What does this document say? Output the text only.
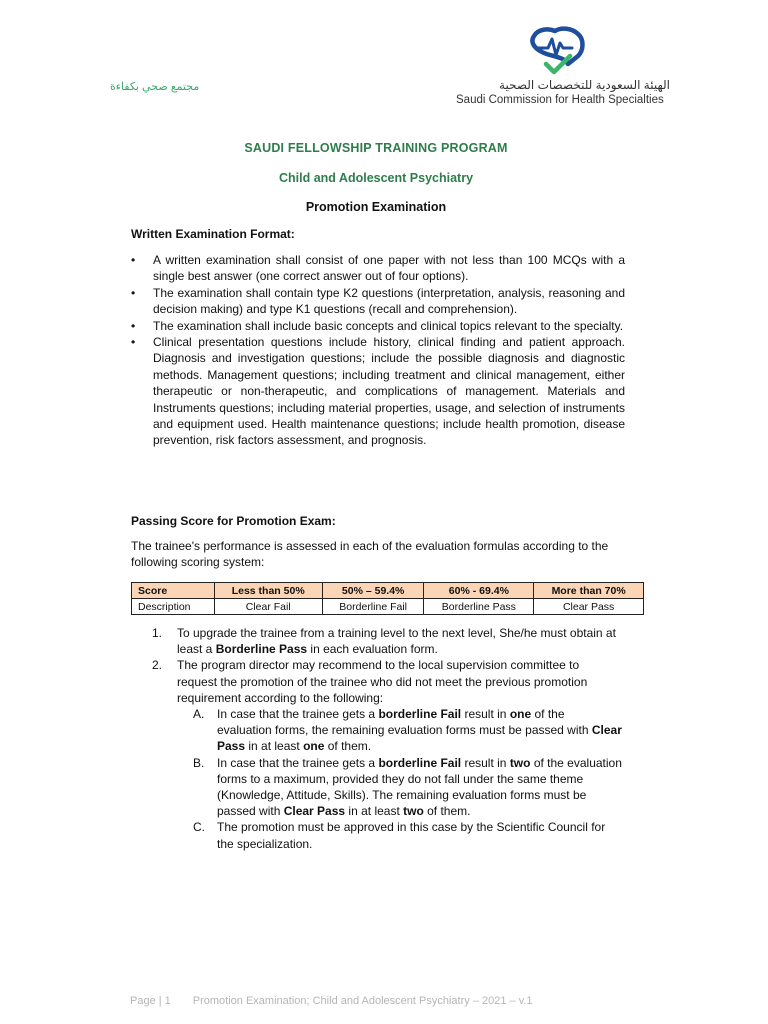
مجتمع صحي بكفاءة	الهيئة السعودية للتخصصات الصحية
Saudi Commission for Health Specialties
SAUDI FELLOWSHIP TRAINING PROGRAM
Child and Adolescent Psychiatry
Promotion Examination
Written Examination Format:
• A written examination shall consist of one paper with not less than 100 MCQs with a single best answer (one correct answer out of four options).
• The examination shall contain type K2 questions (interpretation, analysis, reasoning and decision making) and type K1 questions (recall and comprehension).
• The examination shall include basic concepts and clinical topics relevant to the specialty.
• Clinical presentation questions include history, clinical finding and patient approach. Diagnosis and investigation questions; include the possible diagnosis and diagnostic methods. Management questions; including treatment and clinical management, either therapeutic or non-therapeutic, and complications of management. Materials and Instruments questions; including material properties, usage, and selection of instruments and equipment used. Health maintenance questions; include health promotion, disease prevention, risk factors assessment, and prognosis.
Passing Score for Promotion Exam:
The trainee's performance is assessed in each of the evaluation formulas according to the following scoring system:
Score	Less than 50%	50% – 59.4%	60% - 69.4%	More than 70%
Description	Clear Fail	Borderline Fail	Borderline Pass	Clear Pass
1. To upgrade the trainee from a training level to the next level, She/he must obtain at least a Borderline Pass in each evaluation form.
2. The program director may recommend to the local supervision committee to request the promotion of the trainee who did not meet the previous promotion requirement according to the following:
A. In case that the trainee gets a borderline Fail result in one of the evaluation forms, the remaining evaluation forms must be passed with Clear Pass in at least one of them.
B. In case that the trainee gets a borderline Fail result in two of the evaluation forms to a maximum, provided they do not fall under the same theme (Knowledge, Attitude, Skills). The remaining evaluation forms must be passed with Clear Pass in at least two of them.
C. The promotion must be approved in this case by the Scientific Council for the specialization.
Page | 1 Promotion Examination; Child and Adolescent Psychiatry – 2021 – v.1
